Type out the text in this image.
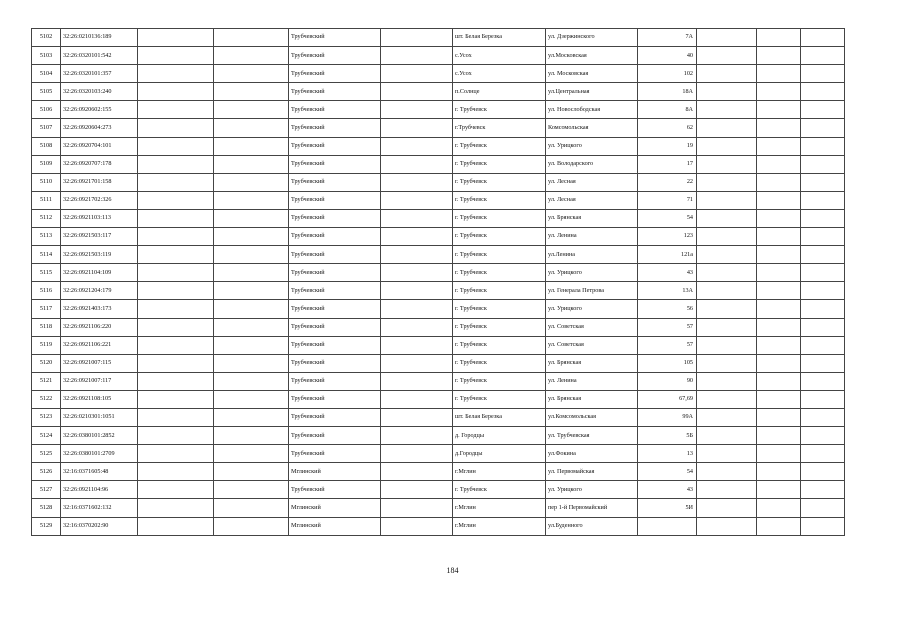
5102	32:26:0210136:189			Трубчевский		шт. Белая Березка	ул. Дзержинского	7А			
5103	32:26:0320101:542			Трубчевский		с.Усох	ул.Московская	40			
5104	32:26:0320101:357			Трубчевский		с.Усох	ул. Московская	102			
5105	32:26:0320103:240			Трубчевский		п.Солнце	ул.Центральная	18А			
5106	32:26:0920602:155			Трубчевский		г. Трубчевск	ул. Новослободская	8А			
5107	32:26:0920604:273			Трубчевский		г.Трубчевск	Комсомольская	62			
5108	32:26:0920704:101			Трубчевский		г. Трубчевск	ул. Урицкого	19			
5109	32:26:0920707:178			Трубчевский		г. Трубчевск	ул. Володарского	17			
5110	32:26:0921701:158			Трубчевский		г. Трубчевск	ул. Лесная	22			
5111	32:26:0921702:326			Трубчевский		г. Трубчевск	ул. Лесная	71			
5112	32:26:0921103:113			Трубчевский		г. Трубчевск	ул. Брянская	54			
5113	32:26:0921503:117			Трубчевский		г. Трубчевск	ул. Ленина	123			
5114	32:26:0921503:119			Трубчевский		г. Трубчевск	ул.Ленина	121а			
5115	32:26:0921104:109			Трубчевский		г. Трубчевск	ул. Урицкого	43			
5116	32:26:0921204:179			Трубчевский		г. Трубчевск	ул. Генерала Петрова	13А			
5117	32:26:0921403:173			Трубчевский		г. Трубчевск	ул. Урицкого	56			
5118	32:26:0921106:220			Трубчевский		г. Трубчевск	ул. Советская	57			
5119	32:26:0921106:221			Трубчевский		г. Трубчевск	ул. Советская	57			
5120	32:26:0921007:115			Трубчевский		г. Трубчевск	ул. Брянская	105			
5121	32:26:0921007:117			Трубчевский		г. Трубчевск	ул. Ленина	90			
5122	32:26:0921108:105			Трубчевский		г. Трубчевск	ул. Брянская	67,69			
5123	32:26:0210301:1051			Трубчевский		шт. Белая Березка	ул.Комсомольская	99А			
5124	32:26:0380101:2852			Трубчевский		д. Городцы	ул. Трубчевская	5Б			
5125	32:26:0380101:2709			Трубчевский		д.Городцы	ул.Фокина	13			
5126	32:16:0371605:48			Мглинский		г.Мглин	ул. Первомайская	54			
5127	32:26:0921104:96			Трубчевский		г. Трубчевск	ул. Урицкого	43			
5128	32:16:0371602:132			Мглинский		г.Мглин	пер 1-й Первомайский	5И			
5129	32:16:0370202:90			Мглинский		г.Мглин	ул.Буденного				
184
